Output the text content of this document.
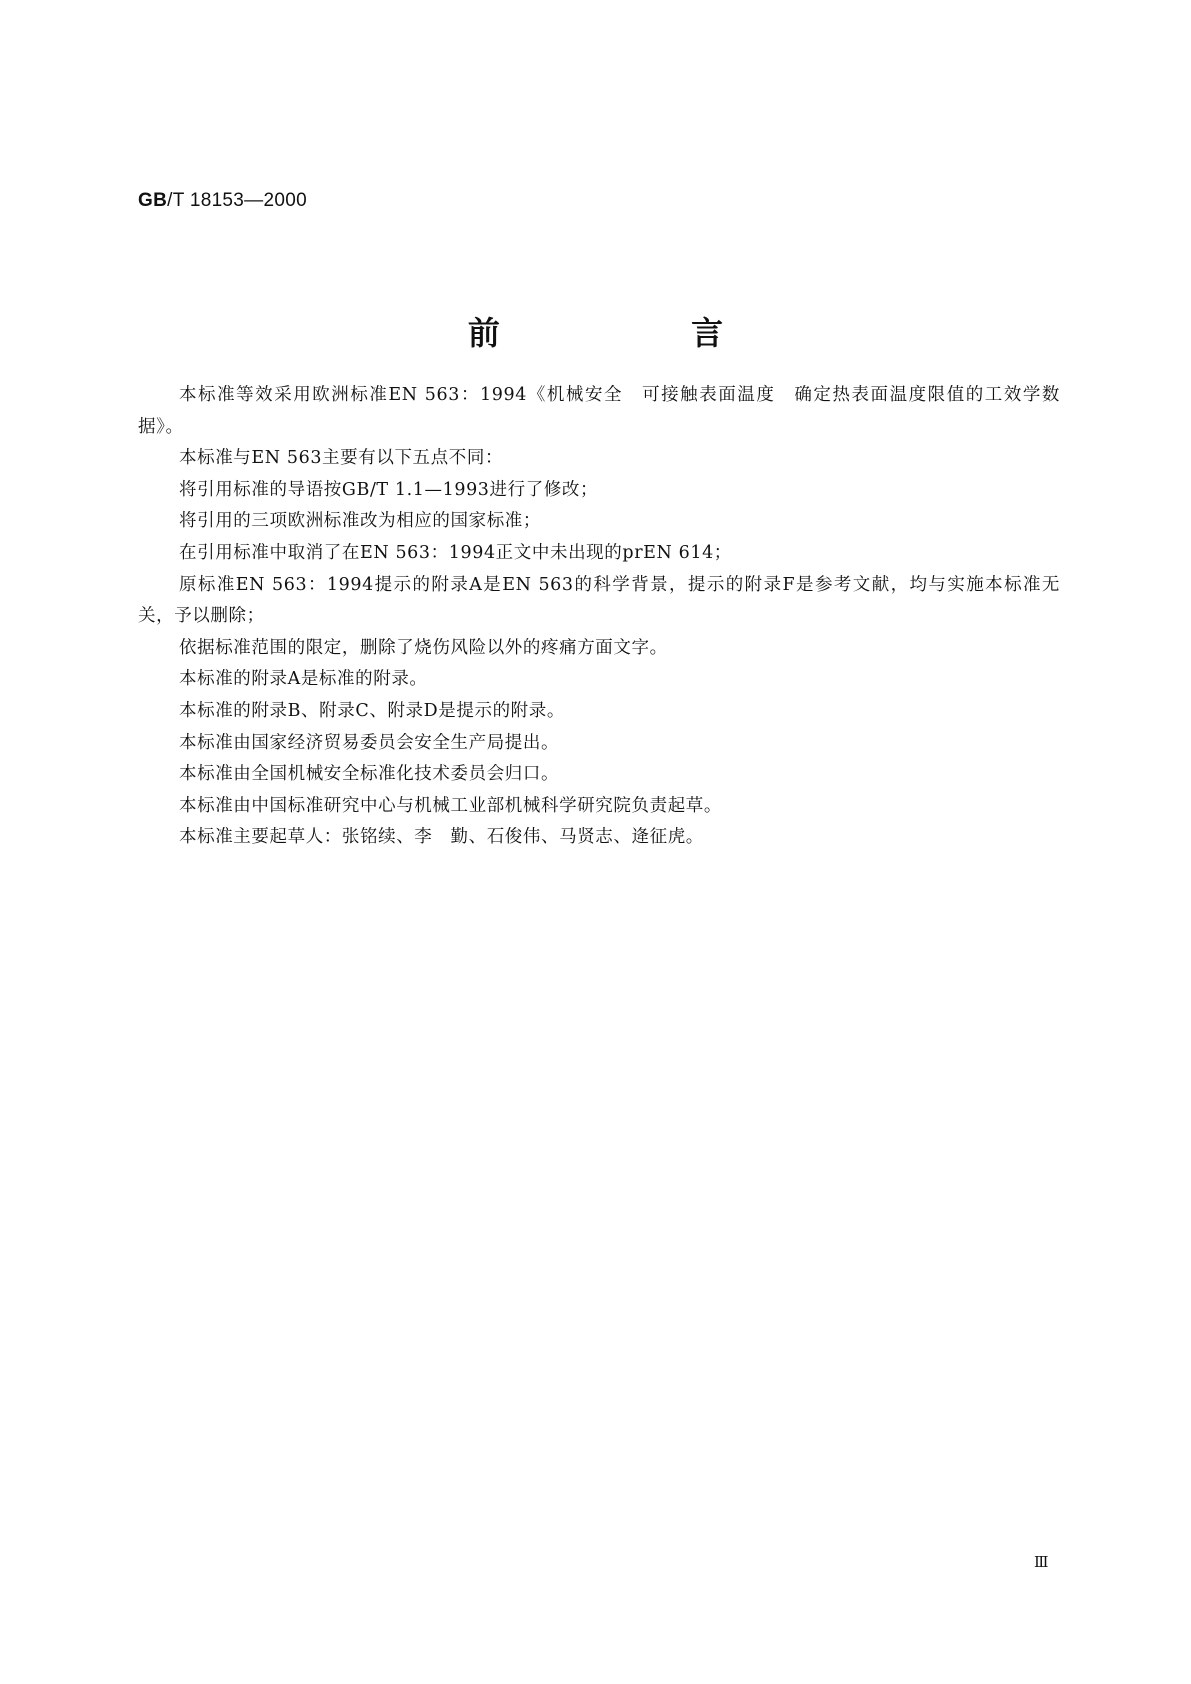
GB/T 18153—2000
前 言

本标准等效采用欧洲标准EN 563：1994《机械安全　可接触表面温度　确定热表面温度限值的工效学数据》。

本标准与EN 563主要有以下五点不同：

将引用标准的导语按GB/T 1.1—1993进行了修改；

将引用的三项欧洲标准改为相应的国家标准；

在引用标准中取消了在EN 563：1994正文中未出现的prEN 614；

原标准EN 563：1994提示的附录A是EN 563的科学背景，提示的附录F是参考文献，均与实施本标准无关，予以删除；

依据标准范围的限定，删除了烧伤风险以外的疼痛方面文字。

本标准的附录A是标准的附录。

本标准的附录B、附录C、附录D是提示的附录。

本标准由国家经济贸易委员会安全生产局提出。

本标准由全国机械安全标准化技术委员会归口。

本标准由中国标准研究中心与机械工业部机械科学研究院负责起草。

本标准主要起草人：张铭续、李　勤、石俊伟、马贤志、逄征虎。

Ⅲ
